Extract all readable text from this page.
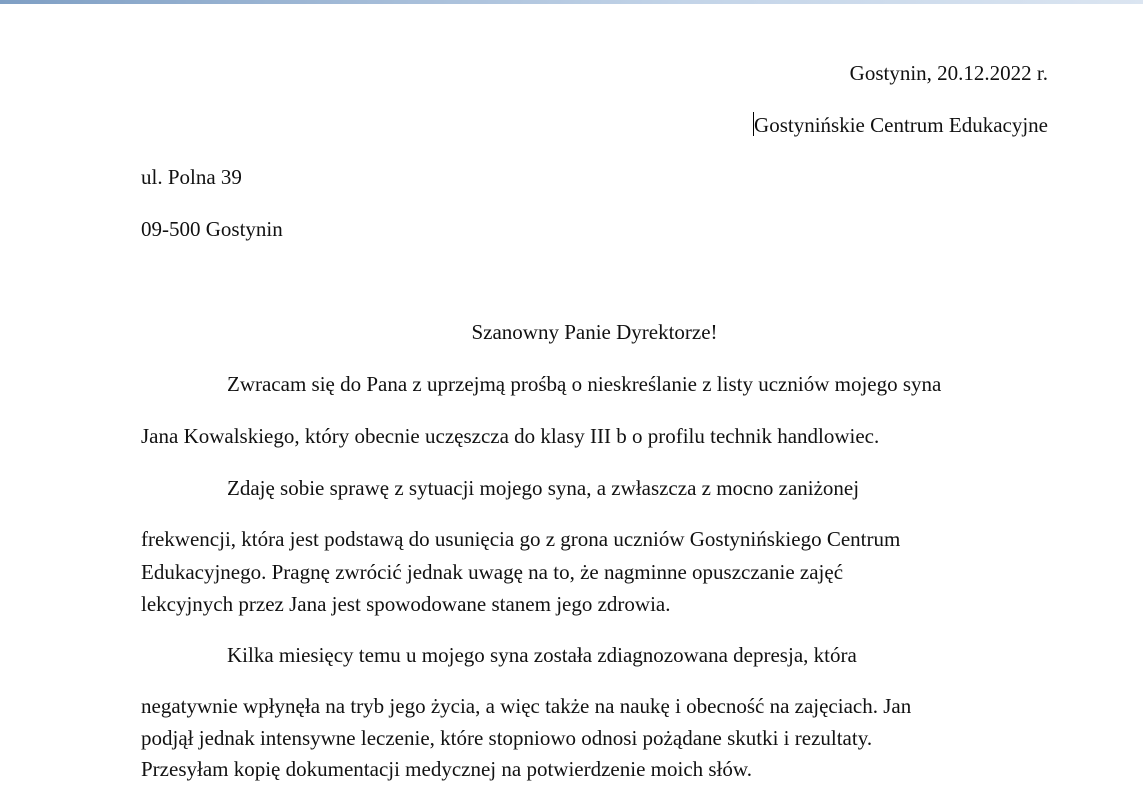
Gostynin, 20.12.2022 r.
Gostynińskie Centrum Edukacyjne
ul. Polna 39
09-500 Gostynin
Szanowny Panie Dyrektorze!
Zwracam się do Pana z uprzejmą prośbą o nieskreślanie z listy uczniów mojego syna
Jana Kowalskiego, który obecnie uczęszcza do klasy III b o profilu technik handlowiec.
Zdaję sobie sprawę z sytuacji mojego syna, a zwłaszcza z mocno zaniżonej
frekwencji, która jest podstawą do usunięcia go z grona uczniów Gostynińskiego Centrum
Edukacyjnego. Pragnę zwrócić jednak uwagę na to, że nagminne opuszczanie zajęć
lekcyjnych przez Jana jest spowodowane stanem jego zdrowia.
Kilka miesięcy temu u mojego syna została zdiagnozowana depresja, która
negatywnie wpłynęła na tryb jego życia, a więc także na naukę i obecność na zajęciach. Jan
podjął jednak intensywne leczenie, które stopniowo odnosi pożądane skutki i rezultaty.
Przesyłam kopię dokumentacji medycznej na potwierdzenie moich słów.
